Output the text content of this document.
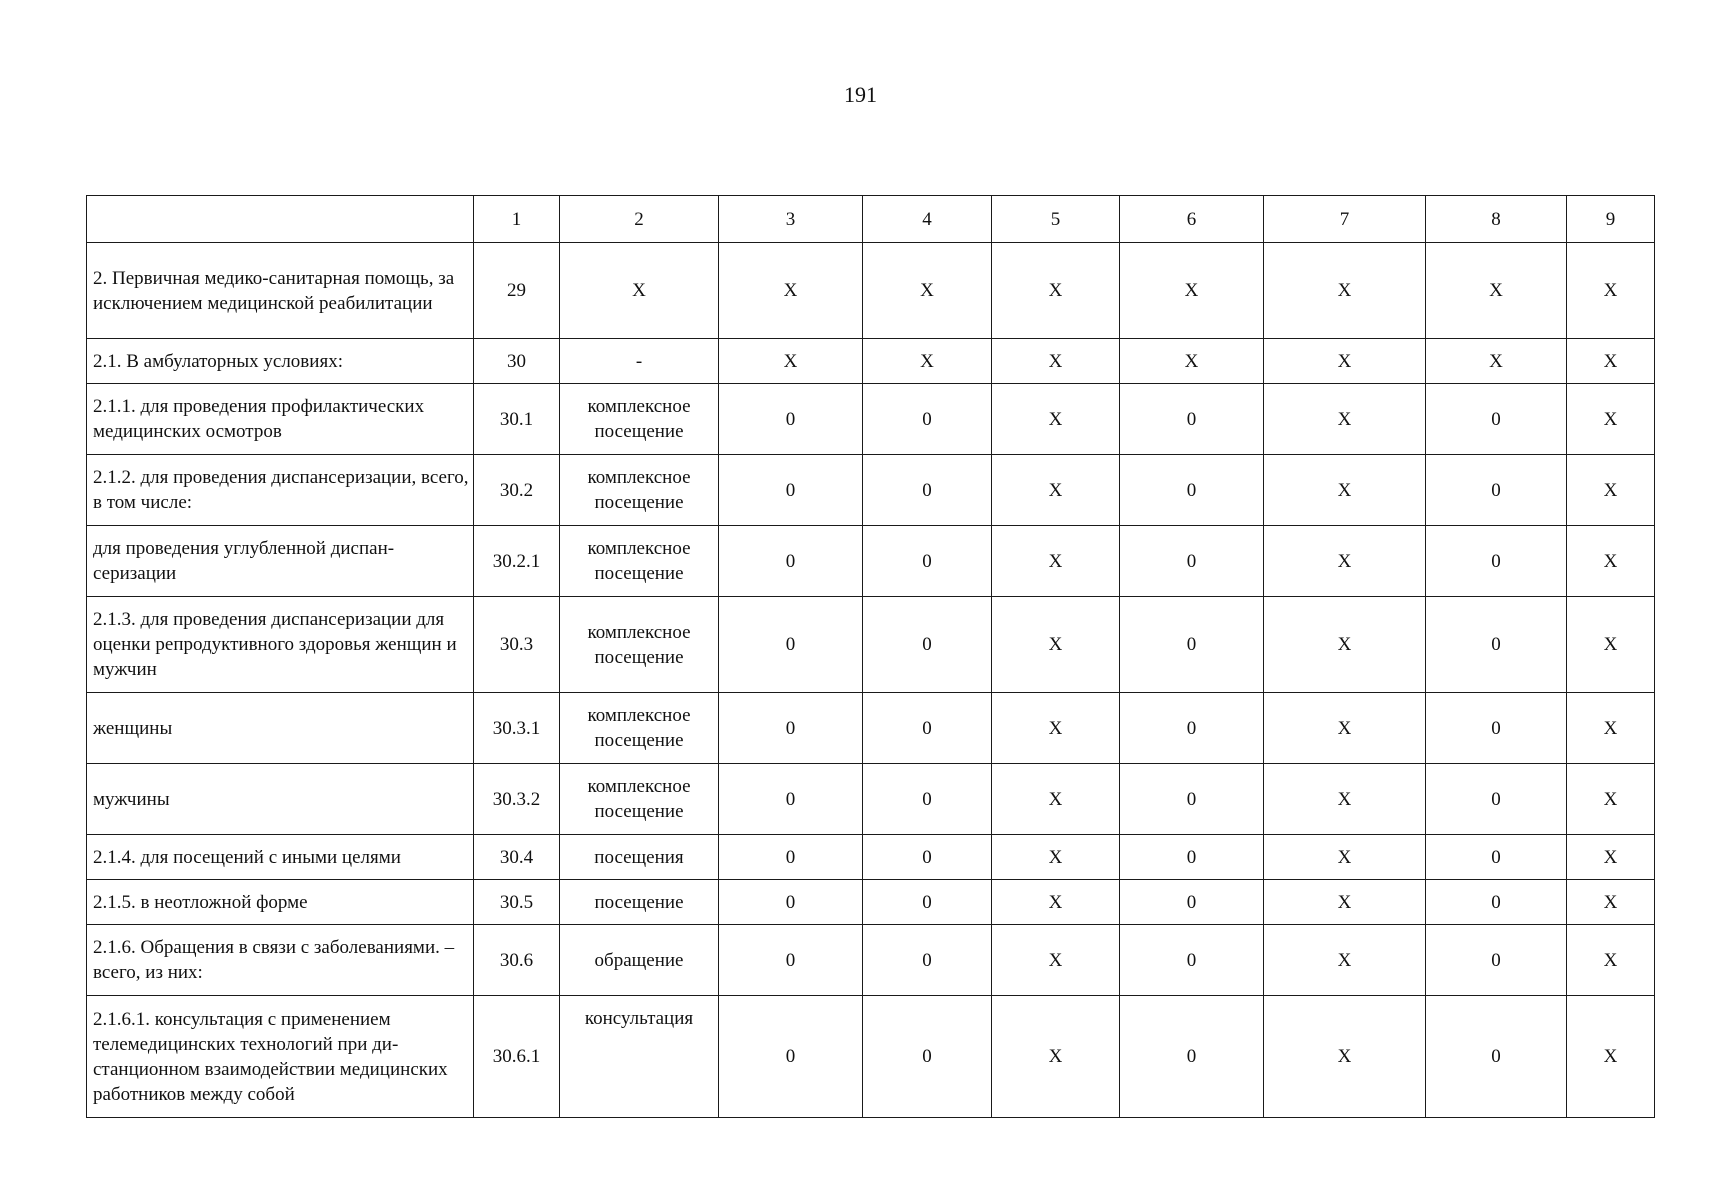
191
	1	2	3	4	5	6	7	8	9
2. Первичная медико-санитарная помощь, за исключением медицинской реабилитации	29	X	X	X	X	X	X	X	X
2.1. В амбулаторных условиях:	30	-	X	X	X	X	X	X	X
2.1.1. для проведения профилактических медицинских осмотров	30.1	комплексное посещение	0	0	X	0	X	0	X
2.1.2. для проведения диспансеризации, всего, в том числе:	30.2	комплексное посещение	0	0	X	0	X	0	X
для проведения углубленной диспансеризации	30.2.1	комплексное посещение	0	0	X	0	X	0	X
2.1.3. для проведения диспансеризации для оценки репродуктивного здоровья женщин и мужчин	30.3	комплексное посещение	0	0	X	0	X	0	X
женщины	30.3.1	комплексное посещение	0	0	X	0	X	0	X
мужчины	30.3.2	комплексное посещение	0	0	X	0	X	0	X
2.1.4. для посещений с иными целями	30.4	посещения	0	0	X	0	X	0	X
2.1.5. в неотложной форме	30.5	посещение	0	0	X	0	X	0	X
2.1.6. Обращения в связи с заболеваниями. – всего, из них:	30.6	обращение	0	0	X	0	X	0	X
2.1.6.1. консультация с применением телемедицинских технологий при дистанционном взаимодействии медицинских работников между собой	30.6.1	консультация	0	0	X	0	X	0	X
